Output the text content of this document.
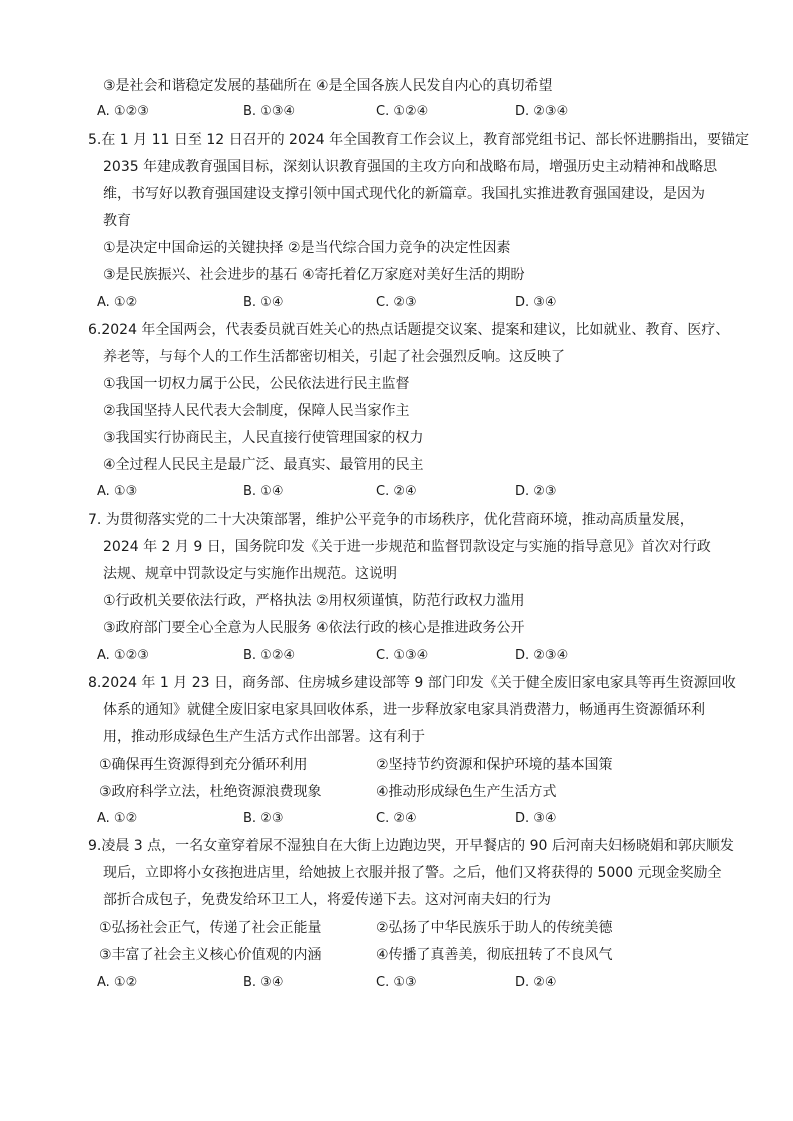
③是社会和谐稳定发展的基础所在 ④是全国各族人民发自内心的真切希望
A. ①②③	B. ①③④	C. ①②④	D. ②③④
5.在 1 月 11 日至 12 日召开的 2024 年全国教育工作会议上，教育部党组书记、部长怀进鹏指出，要锚定
2035 年建成教育强国目标，深刻认识教育强国的主攻方向和战略布局，增强历史主动精神和战略思
维，书写好以教育强国建设支撑引领中国式现代化的新篇章。我国扎实推进教育强国建设，是因为
教育
①是决定中国命运的关键抉择 ②是当代综合国力竞争的决定性因素
③是民族振兴、社会进步的基石 ④寄托着亿万家庭对美好生活的期盼
A. ①②	B. ①④	C. ②③	D. ③④
6.2024 年全国两会，代表委员就百姓关心的热点话题提交议案、提案和建议，比如就业、教育、医疗、
养老等，与每个人的工作生活都密切相关，引起了社会强烈反响。这反映了
①我国一切权力属于公民，公民依法进行民主监督
②我国坚持人民代表大会制度，保障人民当家作主
③我国实行协商民主，人民直接行使管理国家的权力
④全过程人民民主是最广泛、最真实、最管用的民主
A. ①③	B. ①④	C. ②④	D. ②③
7. 为贯彻落实党的二十大决策部署，维护公平竞争的市场秩序，优化营商环境，推动高质量发展，
2024 年 2 月 9 日，国务院印发《关于进一步规范和监督罚款设定与实施的指导意见》首次对行政
法规、规章中罚款设定与实施作出规范。这说明
①行政机关要依法行政，严格执法 ②用权须谨慎，防范行政权力滥用
③政府部门要全心全意为人民服务 ④依法行政的核心是推进政务公开
A. ①②③	B. ①②④	C. ①③④	D. ②③④
8.2024 年 1 月 23 日，商务部、住房城乡建设部等 9 部门印发《关于健全废旧家电家具等再生资源回收
体系的通知》就健全废旧家电家具回收体系，进一步释放家电家具消费潜力，畅通再生资源循环利
用，推动形成绿色生产生活方式作出部署。这有利于
①确保再生资源得到充分循环利用	②坚持节约资源和保护环境的基本国策
③政府科学立法，杜绝资源浪费现象	④推动形成绿色生产生活方式
A. ①②	B. ②③	C. ②④	D. ③④
9.凌晨 3 点，一名女童穿着尿不湿独自在大街上边跑边哭，开早餐店的 90 后河南夫妇杨晓娟和郭庆顺发
现后，立即将小女孩抱进店里，给她披上衣服并报了警。之后，他们又将获得的 5000 元现金奖励全
部折合成包子，免费发给环卫工人，将爱传递下去。这对河南夫妇的行为
①弘扬社会正气，传递了社会正能量	②弘扬了中华民族乐于助人的传统美德
③丰富了社会主义核心价值观的内涵	④传播了真善美，彻底扭转了不良风气
A. ①②	B. ③④	C. ①③	D. ②④
